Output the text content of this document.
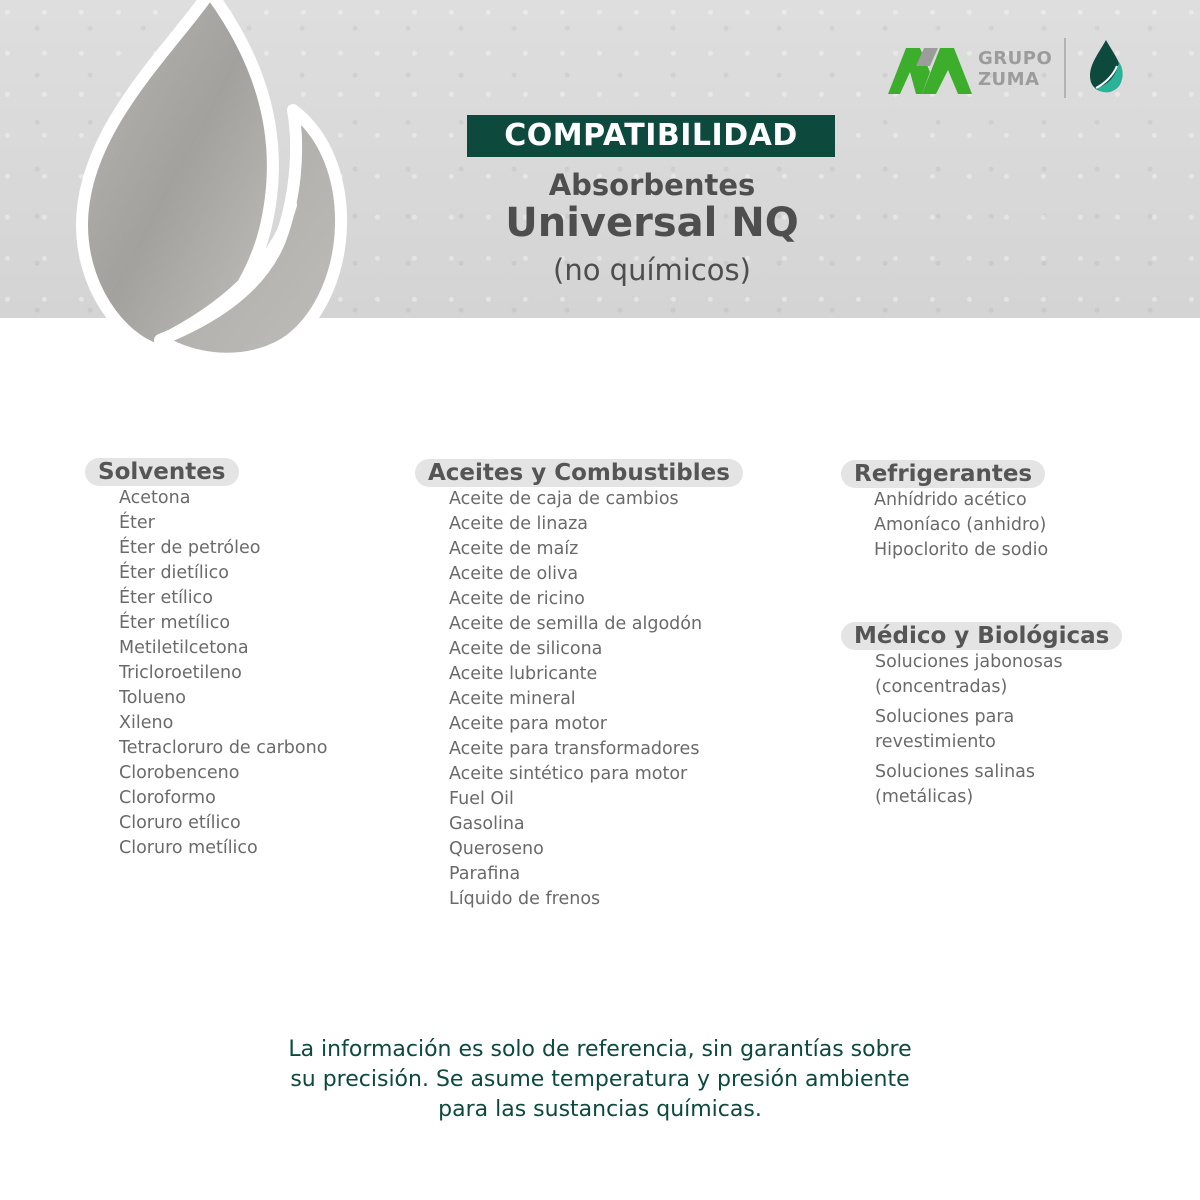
GRUPO
ZUMA
COMPATIBILIDAD
Absorbentes
Universal NQ
(no químicos)
Solventes
Acetona
Éter
Éter de petróleo
Éter dietílico
Éter etílico
Éter metílico
Metiletilcetona
Tricloroetileno
Tolueno
Xileno
Tetracloruro de carbono
Clorobenceno
Cloroformo
Cloruro etílico
Cloruro metílico
Aceites y Combustibles
Aceite de caja de cambios
Aceite de linaza
Aceite de maíz
Aceite de oliva
Aceite de ricino
Aceite de semilla de algodón
Aceite de silicona
Aceite lubricante
Aceite mineral
Aceite para motor
Aceite para transformadores
Aceite sintético para motor
Fuel Oil
Gasolina
Queroseno
Parafina
Líquido de frenos
Refrigerantes
Anhídrido acético
Amoníaco (anhidro)
Hipoclorito de sodio
Médico y Biológicas
Soluciones jabonosas (concentradas)
Soluciones para revestimiento
Soluciones salinas (metálicas)
La información es solo de referencia, sin garantías sobre
su precisión. Se asume temperatura y presión ambiente
para las sustancias químicas.
